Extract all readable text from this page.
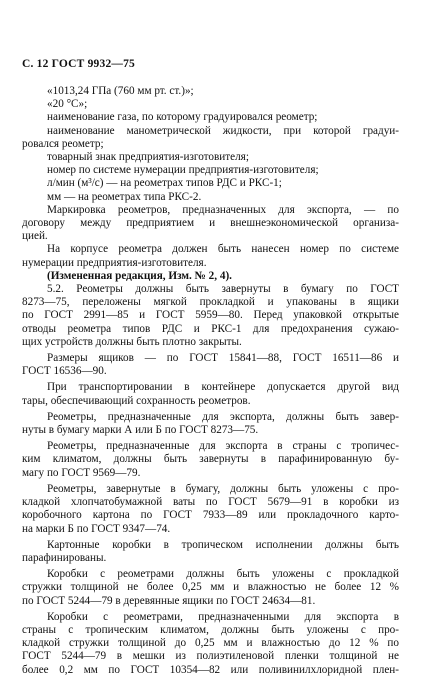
С. 12 ГОСТ 9932—75
«1013,24 ГПа (760 мм рт. ст.)»;
«20 °С»;
наименование газа, по которому градуировался реометр;
наименование манометрической жидкости, при которой градуи-
ровался реометр;
товарный знак предприятия-изготовителя;
номер по системе нумерации предприятия-изготовителя;
л/мин (м³/с) — на реометрах типов РДС и РКС-1;
мм — на реометрах типа РКС-2.
Маркировка реометров, предназначенных для экспорта, — по
договору между предприятием и внешнеэкономической организа-
цией.
На корпусе реометра должен быть нанесен номер по системе
нумерации предприятия-изготовителя.
(Измененная редакция, Изм. № 2, 4).
5.2. Реометры должны быть завернуты в бумагу по ГОСТ
8273—75, переложены мягкой прокладкой и упакованы в ящики
по ГОСТ 2991—85 и ГОСТ 5959—80. Перед упаковкой открытые
отводы реометра типов РДС и РКС-1 для предохранения сужаю-
щих устройств должны быть плотно закрыты.
Размеры ящиков — по ГОСТ 15841—88, ГОСТ 16511—86 и
ГОСТ 16536—90.
При транспортировании в контейнере допускается другой вид
тары, обеспечивающий сохранность реометров.
Реометры, предназначенные для экспорта, должны быть завер-
нуты в бумагу марки А или Б по ГОСТ 8273—75.
Реометры, предназначенные для экспорта в страны с тропичес-
ким климатом, должны быть завернуты в парафинированную бу-
магу по ГОСТ 9569—79.
Реометры, завернутые в бумагу, должны быть уложены с про-
кладкой хлопчатобумажной ваты по ГОСТ 5679—91 в коробки из
коробочного картона по ГОСТ 7933—89 или прокладочного карто-
на марки Б по ГОСТ 9347—74.
Картонные коробки в тропическом исполнении должны быть
парафинированы.
Коробки с реометрами должны быть уложены с прокладкой
стружки толщиной не более 0,25 мм и влажностью не более 12 %
по ГОСТ 5244—79 в деревянные ящики по ГОСТ 24634—81.
Коробки с реометрами, предназначенными для экспорта в
страны с тропическим климатом, должны быть уложены с про-
кладкой стружки толщиной до 0,25 мм и влажностью до 12 % по
ГОСТ 5244—79 в мешки из полиэтиленовой пленки толщиной не
более 0,2 мм по ГОСТ 10354—82 или поливинилхлоридной плен-
